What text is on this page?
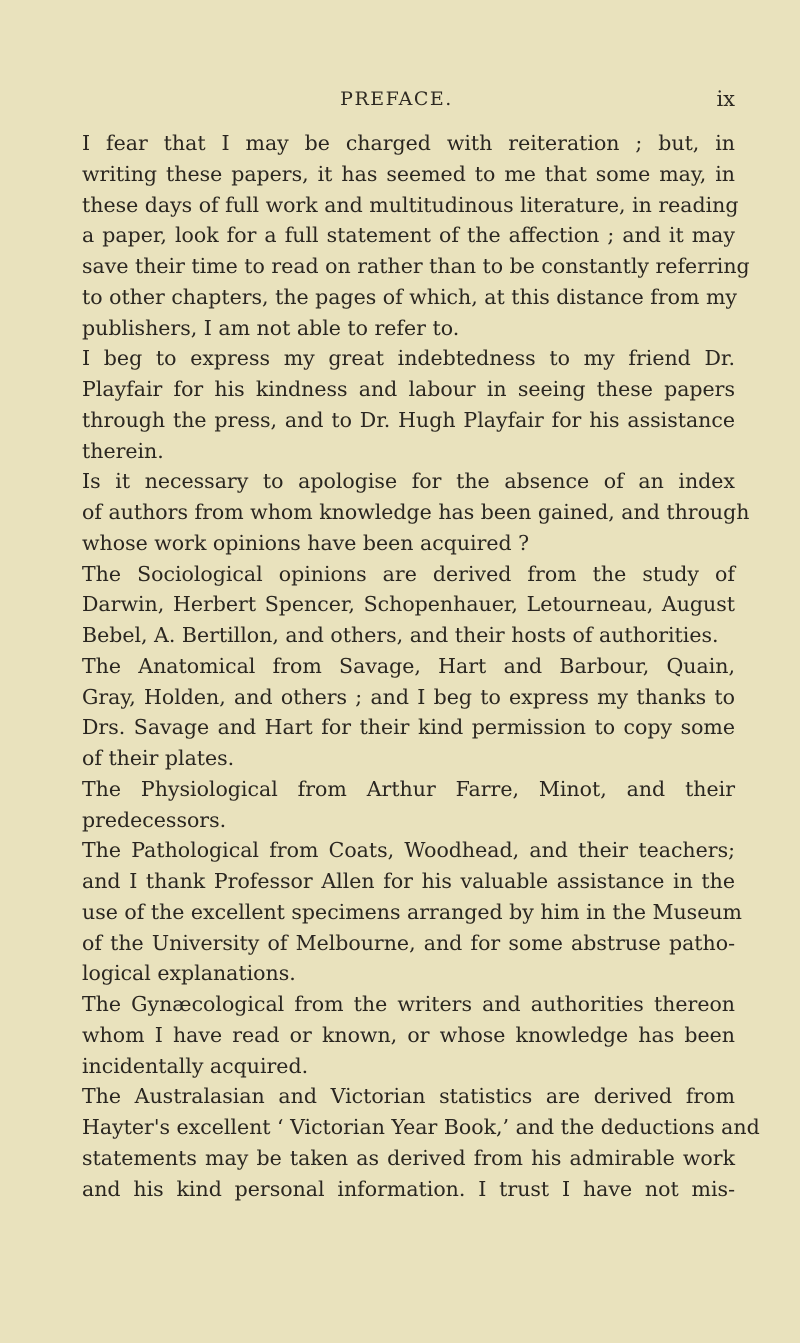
PREFACE.	ix

I fear that I may be charged with reiteration ; but, in
writing these papers, it has seemed to me that some may, in
these days of full work and multitudinous literature, in reading
a paper, look for a full statement of the affection ; and it may
save their time to read on rather than to be constantly referring
to other chapters, the pages of which, at this distance from my
publishers, I am not able to refer to.

I beg to express my great indebtedness to my friend Dr.
Playfair for his kindness and labour in seeing these papers
through the press, and to Dr. Hugh Playfair for his assistance
therein.

Is it necessary to apologise for the absence of an index
of authors from whom knowledge has been gained, and through
whose work opinions have been acquired ?

The Sociological opinions are derived from the study of
Darwin, Herbert Spencer, Schopenhauer, Letourneau, August
Bebel, A. Bertillon, and others, and their hosts of authorities.

The Anatomical from Savage, Hart and Barbour, Quain,
Gray, Holden, and others ; and I beg to express my thanks to
Drs. Savage and Hart for their kind permission to copy some
of their plates.

The Physiological from Arthur Farre, Minot, and their
predecessors.

The Pathological from Coats, Woodhead, and their teachers;
and I thank Professor Allen for his valuable assistance in the
use of the excellent specimens arranged by him in the Museum
of the University of Melbourne, and for some abstruse patho-
logical explanations.

The Gynæcological from the writers and authorities thereon
whom I have read or known, or whose knowledge has been
incidentally acquired.

The Australasian and Victorian statistics are derived from
Hayter's excellent ‘ Victorian Year Book,’ and the deductions and
statements may be taken as derived from his admirable work
and his kind personal information. I trust I have not mis-
